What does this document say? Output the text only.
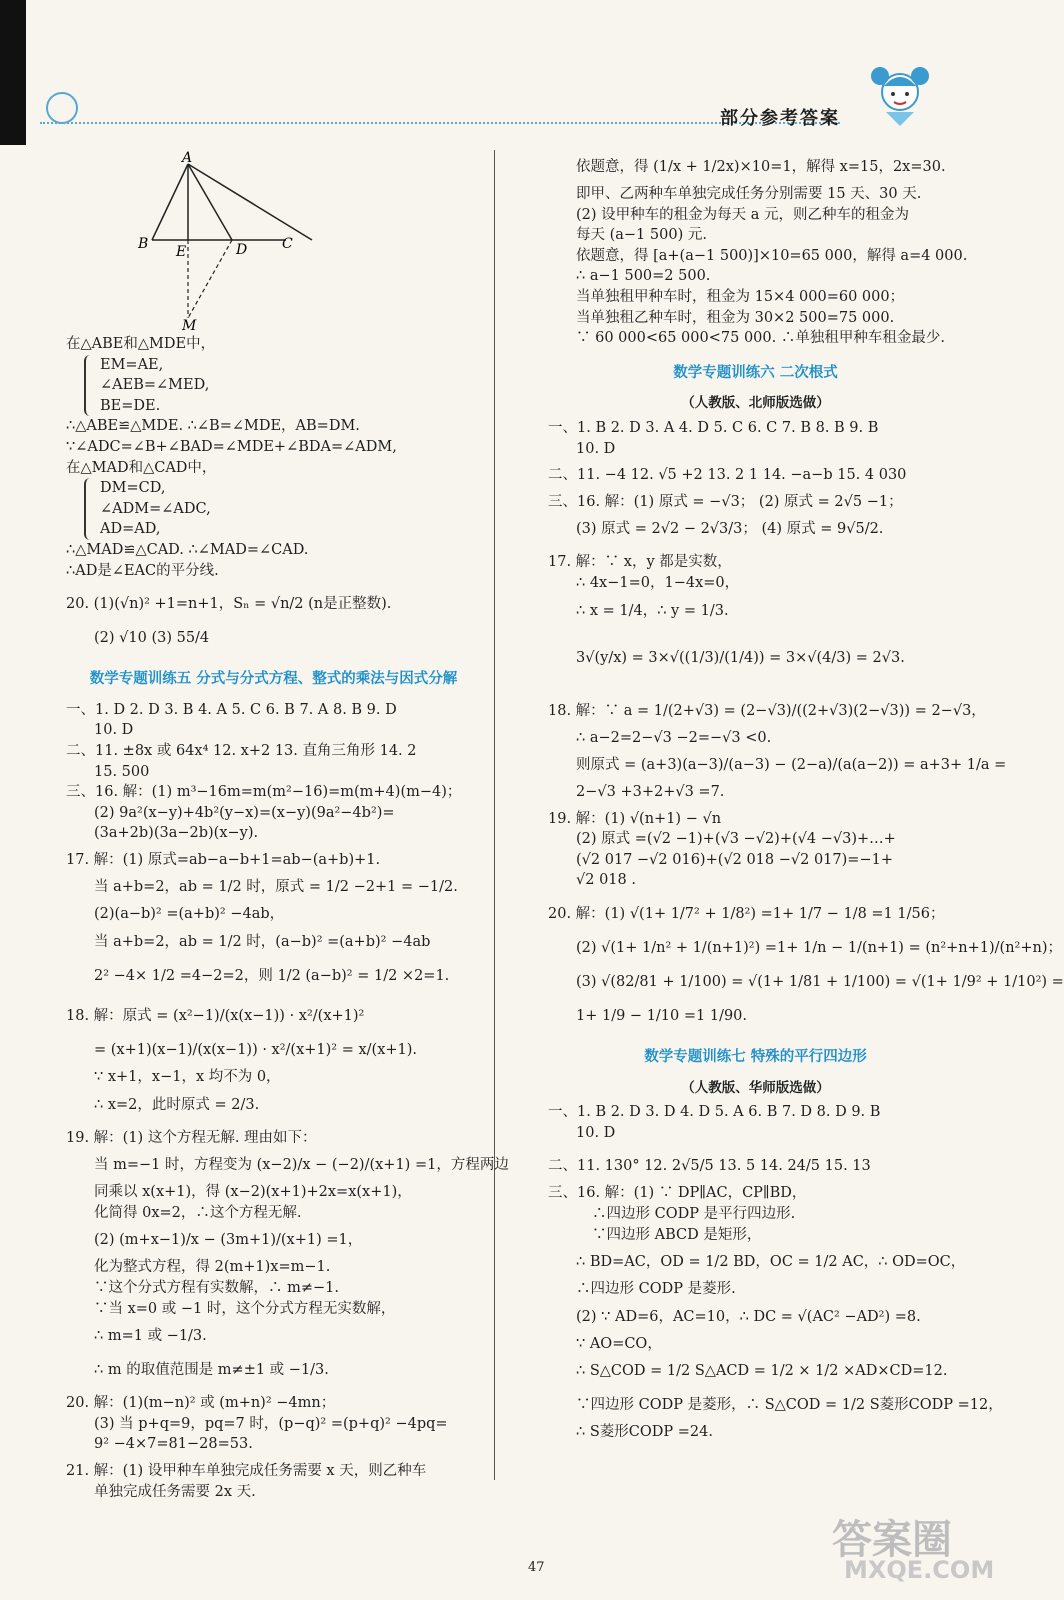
部分参考答案
A
B E	D C
M
在△ABE和△MDE中，
EM=AE,
∠AEB=∠MED,
BE=DE.
∴△ABE≌△MDE. ∴∠B=∠MDE，AB=DM.
∵∠ADC=∠B+∠BAD=∠MDE+∠BDA=∠ADM,
在△MAD和△CAD中，
DM=CD,
∠ADM=∠ADC,
AD=AD,
∴△MAD≌△CAD. ∴∠MAD=∠CAD.
∴AD是∠EAC的平分线.
20. (1)(√n)² +1=n+1，Sₙ = √n/2 (n是正整数).
(2) √10 (3) 55/4
数学专题训练五 分式与分式方程、整式的乘法与因式分解
一、1. D 2. D 3. B 4. A 5. C 6. B 7. A 8. B 9. D
10. D
二、11. ±8x 或 64x⁴ 12. x+2 13. 直角三角形 14. 2
15. 500
三、16. 解：(1) m³−16m=m(m²−16)=m(m+4)(m−4)；
(2) 9a²(x−y)+4b²(y−x)=(x−y)(9a²−4b²)=
(3a+2b)(3a−2b)(x−y).
17. 解：(1) 原式=ab−a−b+1=ab−(a+b)+1.
当 a+b=2，ab = 1/2 时，原式 = 1/2 −2+1 = −1/2.
(2)(a−b)² =(a+b)² −4ab，
当 a+b=2，ab = 1/2 时，(a−b)² =(a+b)² −4ab
2² −4× 1/2 =4−2=2，则 1/2 (a−b)² = 1/2 ×2=1.
18. 解：原式 = (x²−1)/(x(x−1)) · x²/(x+1)²
= (x+1)(x−1)/(x(x−1)) · x²/(x+1)² = x/(x+1).
∵ x+1，x−1，x 均不为 0，
∴ x=2，此时原式 = 2/3.
19. 解：(1) 这个方程无解. 理由如下：
当 m=−1 时，方程变为 (x−2)/x − (−2)/(x+1) =1，方程两边
同乘以 x(x+1)，得 (x−2)(x+1)+2x=x(x+1)，
化简得 0x=2，∴这个方程无解.
(2) (m+x−1)/x − (3m+1)/(x+1) =1，
化为整式方程，得 2(m+1)x=m−1.
∵这个分式方程有实数解，∴ m≠−1.
∵当 x=0 或 −1 时，这个分式方程无实数解，
∴ m=1 或 −1/3.
∴ m 的取值范围是 m≠±1 或 −1/3.
20. 解：(1)(m−n)² 或 (m+n)² −4mn；
(3) 当 p+q=9，pq=7 时，(p−q)² =(p+q)² −4pq=
9² −4×7=81−28=53.
21. 解：(1) 设甲种车单独完成任务需要 x 天，则乙种车
单独完成任务需要 2x 天.
依题意，得 (1/x + 1/2x)×10=1，解得 x=15，2x=30.
即甲、乙两种车单独完成任务分别需要 15 天、30 天.
(2) 设甲种车的租金为每天 a 元，则乙种车的租金为
每天 (a−1 500) 元.
依题意，得 [a+(a−1 500)]×10=65 000，解得 a=4 000.
∴ a−1 500=2 500.
当单独租甲种车时，租金为 15×4 000=60 000；
当单独租乙种车时，租金为 30×2 500=75 000.
∵ 60 000<65 000<75 000. ∴单独租甲种车租金最少.
数学专题训练六 二次根式
（人教版、北师版选做）
一、1. B 2. D 3. A 4. D 5. C 6. C 7. B 8. B 9. B
10. D
二、11. −4 12. √5 +2 13. 2 1 14. −a−b 15. 4 030
三、16. 解：(1) 原式 = −√3； (2) 原式 = 2√5 −1；
(3) 原式 = 2√2 − 2√3/3； (4) 原式 = 9√5/2.
17. 解：∵ x，y 都是实数，
∴ 4x−1=0，1−4x=0，
∴ x = 1/4，∴ y = 1/3.
3√(y/x) = 3×√((1/3)/(1/4)) = 3×√(4/3) = 2√3.
18. 解：∵ a = 1/(2+√3) = (2−√3)/((2+√3)(2−√3)) = 2−√3，
∴ a−2=2−√3 −2=−√3 <0.
则原式 = (a+3)(a−3)/(a−3) − (2−a)/(a(a−2)) = a+3+ 1/a =
2−√3 +3+2+√3 =7.
19. 解：(1) √(n+1) − √n
(2) 原式 =(√2 −1)+(√3 −√2)+(√4 −√3)+…+
(√2 017 −√2 016)+(√2 018 −√2 017)=−1+
√2 018 .
20. 解：(1) √(1+ 1/7² + 1/8²) =1+ 1/7 − 1/8 =1 1/56；
(2) √(1+ 1/n² + 1/(n+1)²) =1+ 1/n − 1/(n+1) = (n²+n+1)/(n²+n)；
(3) √(82/81 + 1/100) = √(1+ 1/81 + 1/100) = √(1+ 1/9² + 1/10²) =
1+ 1/9 − 1/10 =1 1/90.
数学专题训练七 特殊的平行四边形
（人教版、华师版选做）
一、1. B 2. D 3. D 4. D 5. A 6. B 7. D 8. D 9. B
10. D
二、11. 130° 12. 2√5/5 13. 5 14. 24/5 15. 13
三、16. 解：(1) ∵ DP∥AC，CP∥BD，
∴四边形 CODP 是平行四边形.
∵四边形 ABCD 是矩形，
∴ BD=AC，OD = 1/2 BD，OC = 1/2 AC，∴ OD=OC，
∴四边形 CODP 是菱形.
(2) ∵ AD=6，AC=10，∴ DC = √(AC² −AD²) =8.
∵ AO=CO，
∴ S△COD = 1/2 S△ACD = 1/2 × 1/2 ×AD×CD=12.
∵四边形 CODP 是菱形，∴ S△COD = 1/2 S菱形CODP =12，
∴ S菱形CODP =24.
47
答案圈
MXQE.COM
